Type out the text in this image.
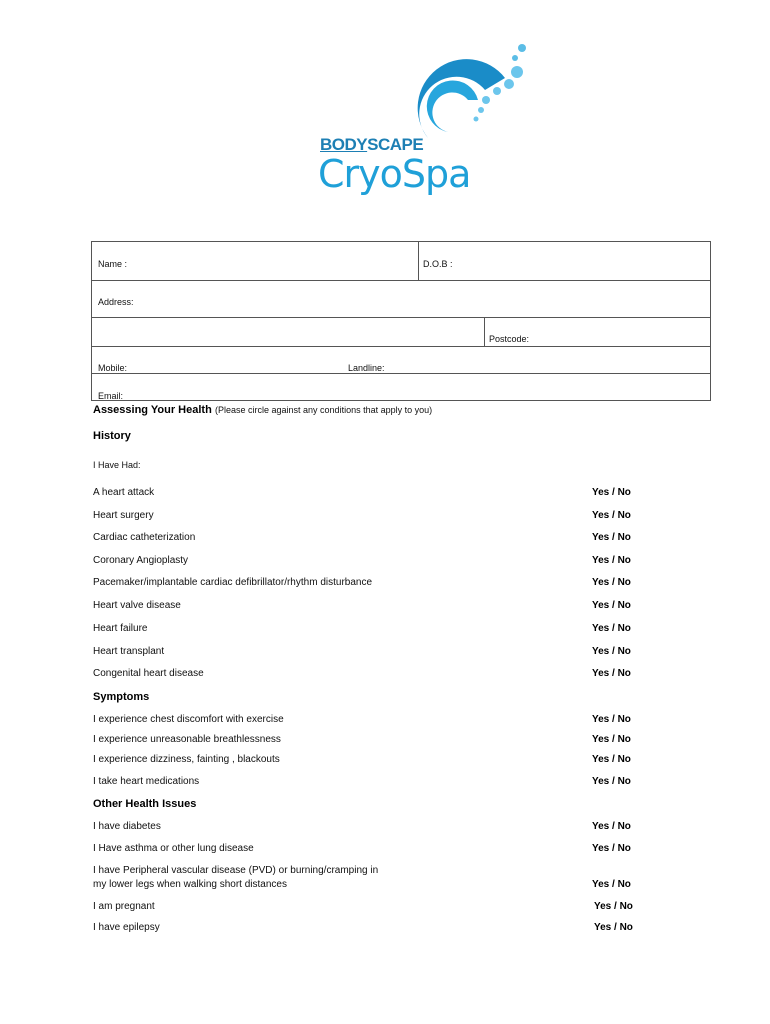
BODYSCAPE
CryoSpa
Name :	D.O.B :
Address:
Postcode:
Mobile:	Landline:
Email:
Assessing Your Health (Please circle against any conditions that apply to you)
History
I Have Had:
A heart attack	Yes / No
Heart surgery	Yes / No
Cardiac catheterization	Yes / No
Coronary Angioplasty	Yes / No
Pacemaker/implantable cardiac defibrillator/rhythm disturbance	Yes / No
Heart valve disease	Yes / No
Heart failure	Yes / No
Heart transplant	Yes / No
Congenital heart disease	Yes / No
Symptoms
I experience chest discomfort with exercise	Yes / No
I experience unreasonable breathlessness	Yes / No
I experience dizziness, fainting , blackouts	Yes / No
I take heart medications	Yes / No
Other Health Issues
I have diabetes	Yes / No
I Have asthma or other lung disease	Yes / No
I have Peripheral vascular disease (PVD) or burning/cramping in
my lower legs when walking short distances	Yes / No
I am pregnant	Yes / No
I have epilepsy	Yes / No
